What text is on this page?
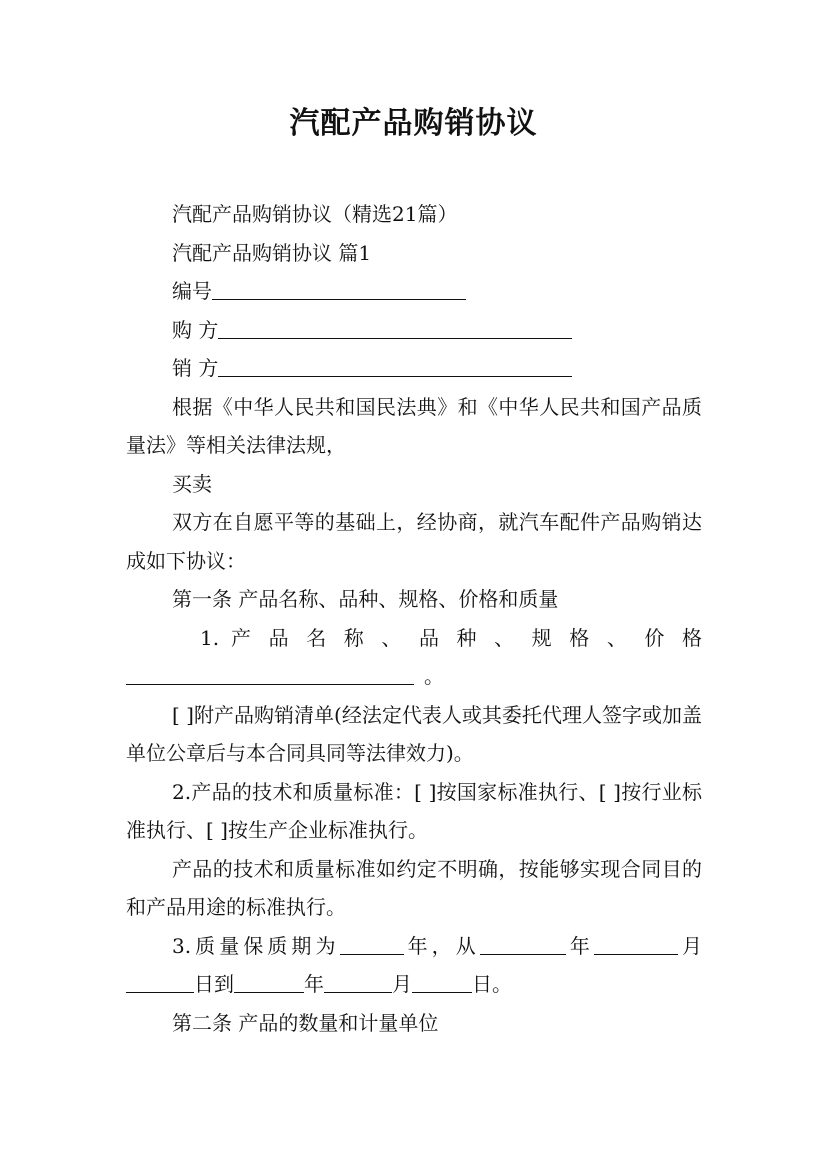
汽配产品购销协议

汽配产品购销协议（精选21篇）

汽配产品购销协议 篇1

编号

购 方

销 方

根据《中华人民共和国民法典》和《中华人民共和国产品质量法》等相关法律法规，

买卖

双方在自愿平等的基础上，经协商，就汽车配件产品购销达成如下协议：

第一条 产品名称、品种、规格、价格和质量

1. 产 品 名 称 、 品 种 、 规 格 、 价 格

。

[ ]附产品购销清单(经法定代表人或其委托代理人签字或加盖单位公章后与本合同具同等法律效力)。

2.产品的技术和质量标准：[ ]按国家标准执行、[ ]按行业标准执行、[ ]按生产企业标准执行。

产品的技术和质量标准如约定不明确，按能够实现合同目的和产品用途的标准执行。

3.质量保质期为	年，从	年	月

日到	年	月	日。

第二条 产品的数量和计量单位
